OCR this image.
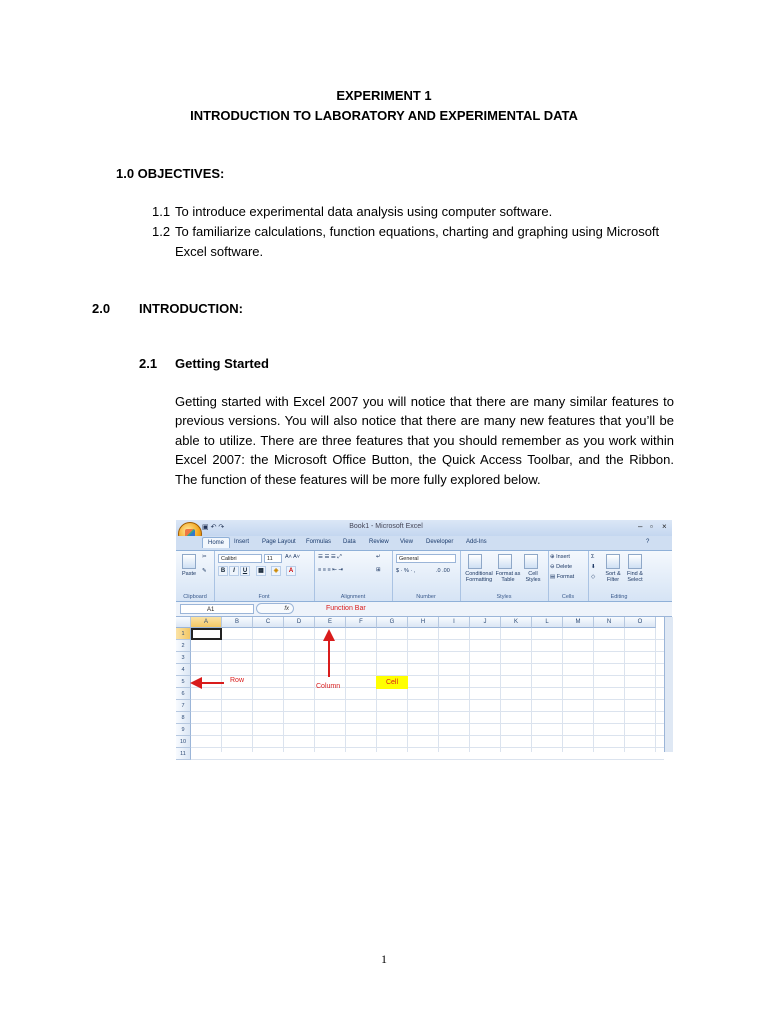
EXPERIMENT 1
INTRODUCTION TO LABORATORY AND EXPERIMENTAL DATA
1.0 OBJECTIVES:
1.1 To introduce experimental data analysis using computer software.
1.2 To familiarize calculations, function equations, charting and graphing using Microsoft
Excel software.
2.0 INTRODUCTION:
2.1 Getting Started
Getting started with Excel 2007 you will notice that there are many similar features to previous versions. You will also notice that there are many new features that you’ll be able to utilize. There are three features that you should remember as you work within Excel 2007: the Microsoft Office Button, the Quick Access Toolbar, and the Ribbon. The function of these features will be more fully explored below.
Book1 - Microsoft Excel	– ▫ ×
▣ ↶ ↷
Home	Insert Page Layout Formulas Data Review View Developer Add-Ins	?
Paste
✂
✎
Clipboard
Calibri	11	A˄ A˅
B	I	U	▦	◈	A
Font
☰ ☰ ☰ ⤢	↵
≡ ≡ ≡ ⇤ ⇥	⊞
Alignment
General
$ · % · ,	.0 .00
Number
Conditional Formatting
Format as Table
Cell Styles
Styles
⊕ Insert
⊖ Delete
▤ Format
Cells
Σ
⬇
◇	Sort & Filter
Find & Select
Editing
A1	fx	Function Bar
A	B	C	D	E	F	G	H	I	J	K	L	M	N	O
1
2
3
4
5
6
7
8
9
10
11
Row
Column
Cell
1
